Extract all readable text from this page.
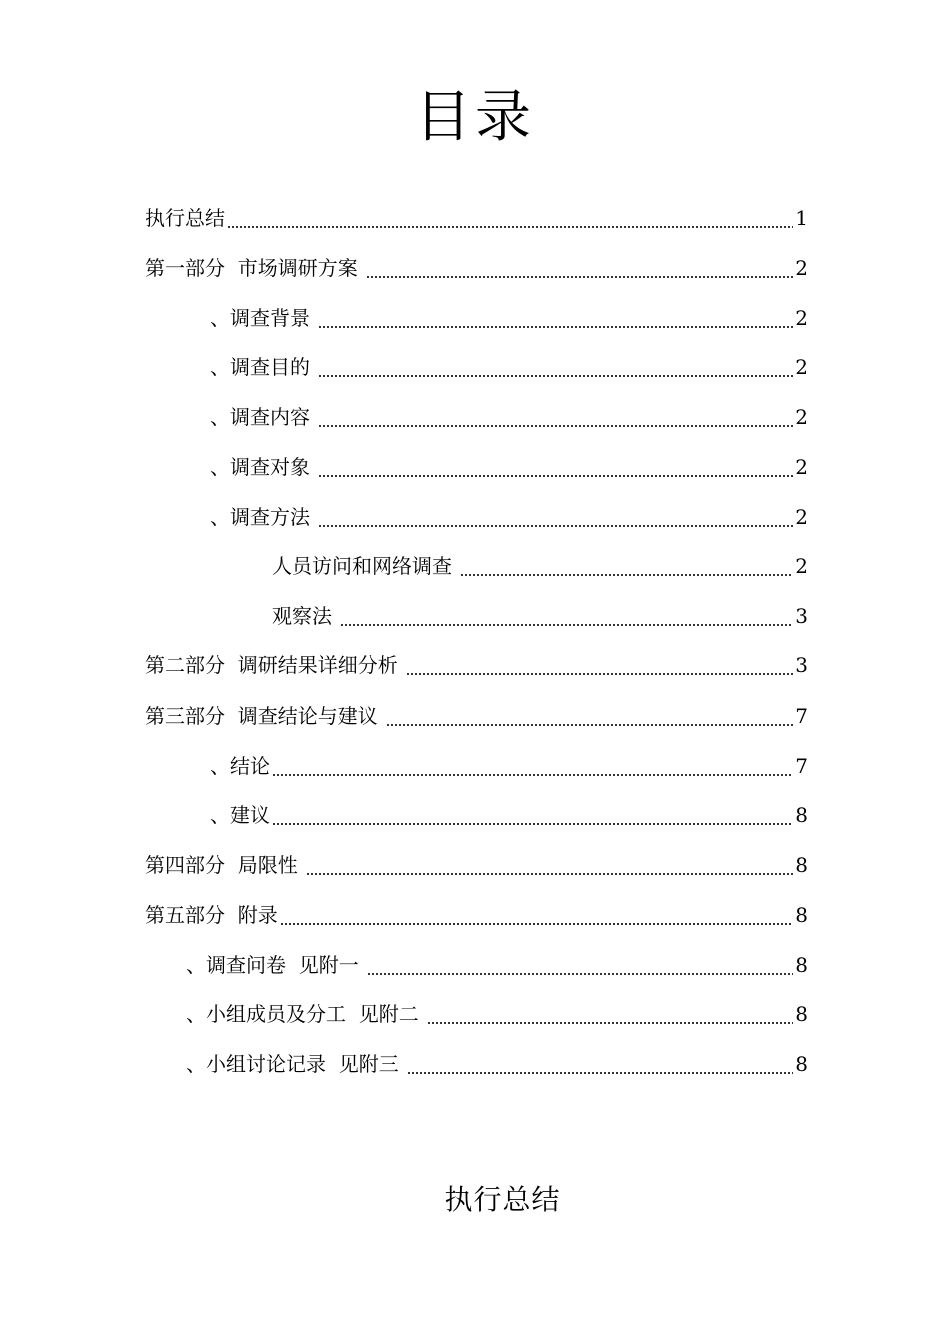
目录
执行总结	1
第一部分  市场调研方案	2
、调查背景	2
、调查目的	2
、调查内容	2
、调查对象	2
、调查方法	2
人员访问和网络调查	2
观察法	3
第二部分  调研结果详细分析	3
第三部分  调查结论与建议	7
、结论	7
、建议	8
第四部分  局限性	8
第五部分  附录	8
、调查问卷  见附一	8
、小组成员及分工  见附二	8
、小组讨论记录  见附三	8
执行总结
